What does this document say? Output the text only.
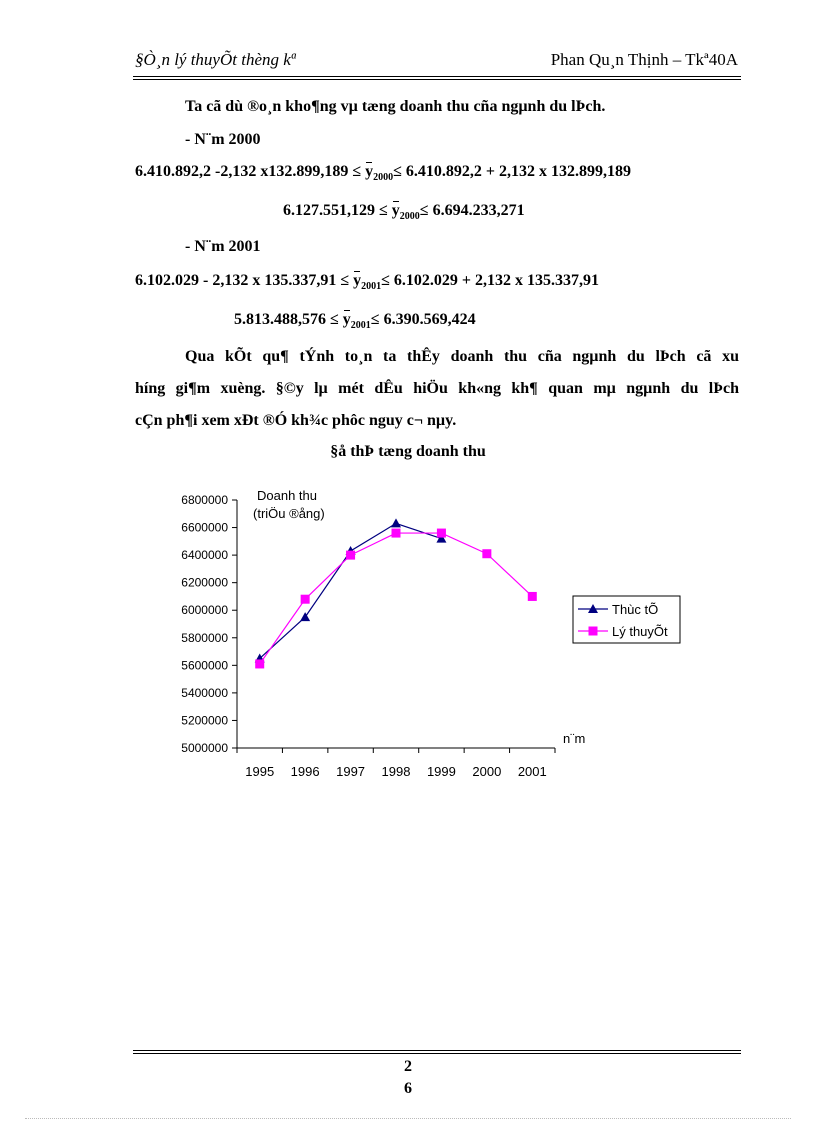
§Ò¸n lý thuyÕt thèng kª	Phan Qu¸n Thịnh – Tkª40A
Ta cã dù ®o¸n kho¶ng vµ tæng doanh thu cña ngµnh du lÞch.
- N¨m 2000
6.410.892,2 -2,132 $x132.899,189 \le y_{2000}\le 6.410.892,2 + 2,132$ x 132.899,189
$6.127.551,129 \le y_{2000}\le 6.694.233,271$
- N¨m 2001
6.102.029 - 2,132 x $135.337,91 \le y_{2001}\le 6.102.029 + 2,132$ x 135.337,91
$5.813.488,576 \le y_{2001}\le 6.390.569,424$
Qua kÕt qu¶ tÝnh to¸n ta thÊy doanh thu cña ngµnh du lÞch cã xu
híng gi¶m xuèng. §©y lµ mét dÊu hiÖu kh«ng kh¶ quan mµ ngµnh du lÞch
cÇn ph¶i xem xÐt ®Ó kh¾c phôc nguy c¬ nµy.
§å thÞ tæng doanh thu
5000000
5200000
5400000
5600000
5800000
6000000
6200000
6400000
6600000
6800000
1995 1996 1997 1998 1999 2000 2001
Doanh thu
(triÖu ®ång)
n¨m
Thùc tÕ
Lý thuyÕt
2
6
